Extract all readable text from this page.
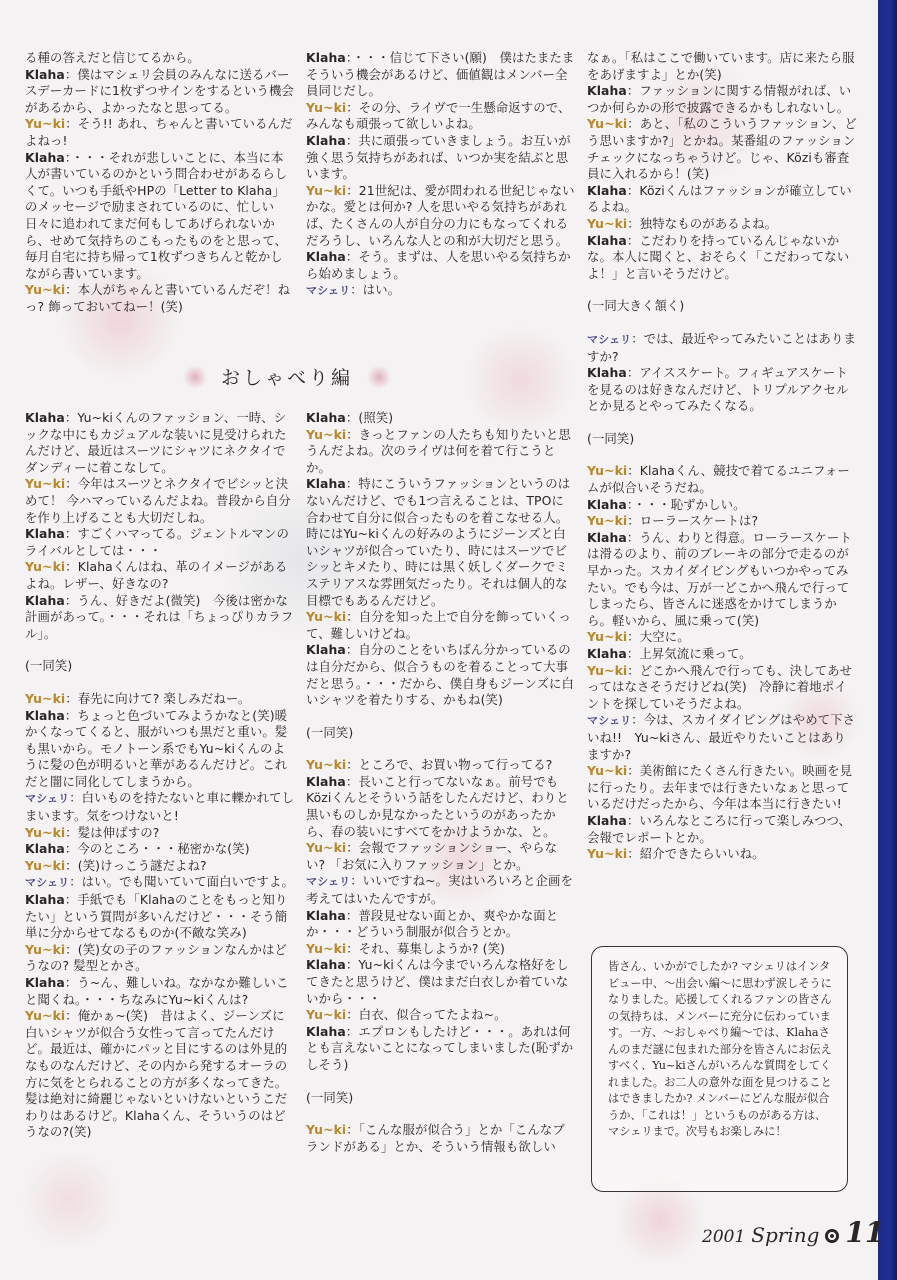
る種の答えだと信じてるから。

Klaha：僕はマシェリ会員のみんなに送るバースデーカードに1枚ずつサインをするという機会があるから、よかったなと思ってる。

Yu~ki：そう!! あれ、ちゃんと書いているんだよねっ!

Klaha：・・・それが悲しいことに、本当に本人が書いているのかという問合わせがあるらしくて。いつも手紙やHPの「Letter to Klaha」のメッセージで励まされているのに、忙しい日々に追われてまだ何もしてあげられないから、せめて気持ちのこもったものをと思って、毎月自宅に持ち帰って1枚ずつきちんと乾かしながら書いています。

Yu~ki：本人がちゃんと書いているんだぞ！ねっ? 飾っておいてねー！(笑)

Klaha：・・・信じて下さい(願)　僕はたまたまそういう機会があるけど、価値観はメンバー全員同じだし。

Yu~ki：その分、ライヴで一生懸命返すので、みんなも頑張って欲しいよね。

Klaha：共に頑張っていきましょう。お互いが強く思う気持ちがあれば、いつか実を結ぶと思います。

Yu~ki：21世紀は、愛が問われる世紀じゃないかな。愛とは何か? 人を思いやる気持ちがあれば、たくさんの人が自分の力にもなってくれるだろうし、いろんな人との和が大切だと思う。

Klaha：そう。まずは、人を思いやる気持ちから始めましょう。

マシェリ：はい。

なぁ。「私はここで働いています。店に来たら服をあげますよ」とか(笑)

Klaha：ファッションに関する情報がれば、いつか何らかの形で披露できるかもしれないし。

Yu~ki：あと、「私のこういうファッション、どう思いますか?」とかね。某番組のファッションチェックになっちゃうけど。じゃ、Köziも審査員に入れるから！(笑)

Klaha：Köziくんはファッションが確立しているよね。

Yu~ki：独特なものがあるよね。

Klaha：こだわりを持っているんじゃないかな。本人に聞くと、おそらく「こだわってないよ！」と言いそうだけど。

(一同大きく頷く)

マシェリ：では、最近やってみたいことはありますか?

Klaha：アイススケート。フィギュアスケートを見るのは好きなんだけど、トリプルアクセルとか見るとやってみたくなる。

(一同笑)

Yu~ki：Klahaくん、競技で着てるユニフォームが似合いそうだね。

Klaha：・・・恥ずかしい。

Yu~ki：ローラースケートは?

Klaha：うん、わりと得意。ローラースケートは滑るのより、前のブレーキの部分で走るのが早かった。スカイダイビングもいつかやってみたい。でも今は、万が一どこかへ飛んで行ってしまったら、皆さんに迷惑をかけてしまうから。軽いから、風に乗って(笑)

Yu~ki：大空に。

Klaha：上昇気流に乗って。

Yu~ki：どこかへ飛んで行っても、決してあせってはなさそうだけどね(笑)　冷静に着地ポイントを探していそうだよね。

マシェリ：今は、スカイダイビングはやめて下さいね!!　Yu~kiさん、最近やりたいことはありますか?

Yu~ki：美術館にたくさん行きたい。映画を見に行ったり。去年までは行きたいなぁと思っているだけだったから、今年は本当に行きたい!

Klaha：いろんなところに行って楽しみつつ、会報でレポートとか。

Yu~ki：紹介できたらいいね。

おしゃべり編

Klaha：Yu~kiくんのファッション、一時、シックな中にもカジュアルな装いに見受けられたんだけど、最近はスーツにシャツにネクタイでダンディーに着こなして。

Yu~ki：今年はスーツとネクタイでビシッと決めて！ 今ハマっているんだよね。普段から自分を作り上げることも大切だしね。

Klaha：すごくハマってる。ジェントルマンのライバルとしては・・・

Yu~ki：Klahaくんはね、革のイメージがあるよね。レザー、好きなの?

Klaha：うん、好きだよ(微笑)　今後は密かな計画があって。・・・それは「ちょっぴりカラフル」。

(一同笑)

Yu~ki：春先に向けて? 楽しみだねー。

Klaha：ちょっと色づいてみようかなと(笑)暖かくなってくると、服がいつも黒だと重い。髪も黒いから。モノトーン系でもYu~kiくんのように髪の色が明るいと華があるんだけど。これだと闇に同化してしまうから。

マシェリ：白いものを持たないと車に轢かれてしまいます。気をつけないと!

Yu~ki：髪は伸ばすの?

Klaha：今のところ・・・秘密かな(笑)

Yu~ki：(笑)けっこう謎だよね?

マシェリ：はい。でも聞いていて面白いですよ。

Klaha：手紙でも「Klahaのことをもっと知りたい」という質問が多いんだけど・・・そう簡単に分からせてなるものか(不敵な笑み)

Yu~ki：(笑)女の子のファッションなんかはどうなの? 髪型とかさ。

Klaha：う~ん、難しいね。なかなか難しいこと聞くね。・・・ちなみにYu~kiくんは?

Yu~ki：俺かぁ~(笑)　昔はよく、ジーンズに白いシャツが似合う女性って言ってたんだけど。最近は、確かにパッと目にするのは外見的なものなんだけど、その内から発するオーラの方に気をとられることの方が多くなってきた。髪は絶対に綺麗じゃないといけないというこだわりはあるけど。Klahaくん、そういうのはどうなの?(笑)

Klaha：(照笑)

Yu~ki：きっとファンの人たちも知りたいと思うんだよね。次のライヴは何を着て行こうとか。

Klaha：特にこういうファッションというのはないんだけど、でも1つ言えることは、TPOに合わせて自分に似合ったものを着こなせる人。時にはYu~kiくんの好みのようにジーンズと白いシャツが似合っていたり、時にはスーツでビシッとキメたり、時には黒く妖しくダークでミステリアスな雰囲気だったり。それは個人的な目標でもあるんだけど。

Yu~ki：自分を知った上で自分を飾っていくって、難しいけどね。

Klaha：自分のことをいちばん分かっているのは自分だから、似合うものを着ることって大事だと思う。・・・だから、僕自身もジーンズに白いシャツを着たりする、かもね(笑)

(一同笑)

Yu~ki：ところで、お買い物って行ってる?

Klaha：長いこと行ってないなぁ。前号でもKöziくんとそういう話をしたんだけど、わりと黒いものしか見なかったというのがあったから、春の装いにすべてをかけようかな、と。

Yu~ki：会報でファッションショー、やらない? 「お気に入りファッション」とか。

マシェリ：いいですね~。実はいろいろと企画を考えてはいたんですが。

Klaha：普段見せない面とか、爽やかな面とか・・・どういう制服が似合うとか。

Yu~ki：それ、募集しようか? (笑)

Klaha：Yu~kiくんは今までいろんな格好をしてきたと思うけど、僕はまだ白衣しか着ていないから・・・

Yu~ki：白衣、似合ってたよね~。

Klaha：エプロンもしたけど・・・。あれは何とも言えないことになってしまいました(恥ずかしそう)

(一同笑)

Yu~ki：「こんな服が似合う」とか「こんなブランドがある」とか、そういう情報も欲しい

皆さん、いかがでしたか? マシェリはインタビュー中、～出会い編～に思わず涙しそうになりました。応援してくれるファンの皆さんの気持ちは、メンバーに充分に伝わっています。一方、～おしゃべり編～では、Klahaさんのまだ謎に包まれた部分を皆さんにお伝えすべく、Yu~kiさんがいろんな質問をしてくれました。お二人の意外な面を見つけることはできましたか? メンバーにどんな服が似合うか、「これは！」というものがある方は、マシェリまで。次号もお楽しみに！
2001 Spring 11
